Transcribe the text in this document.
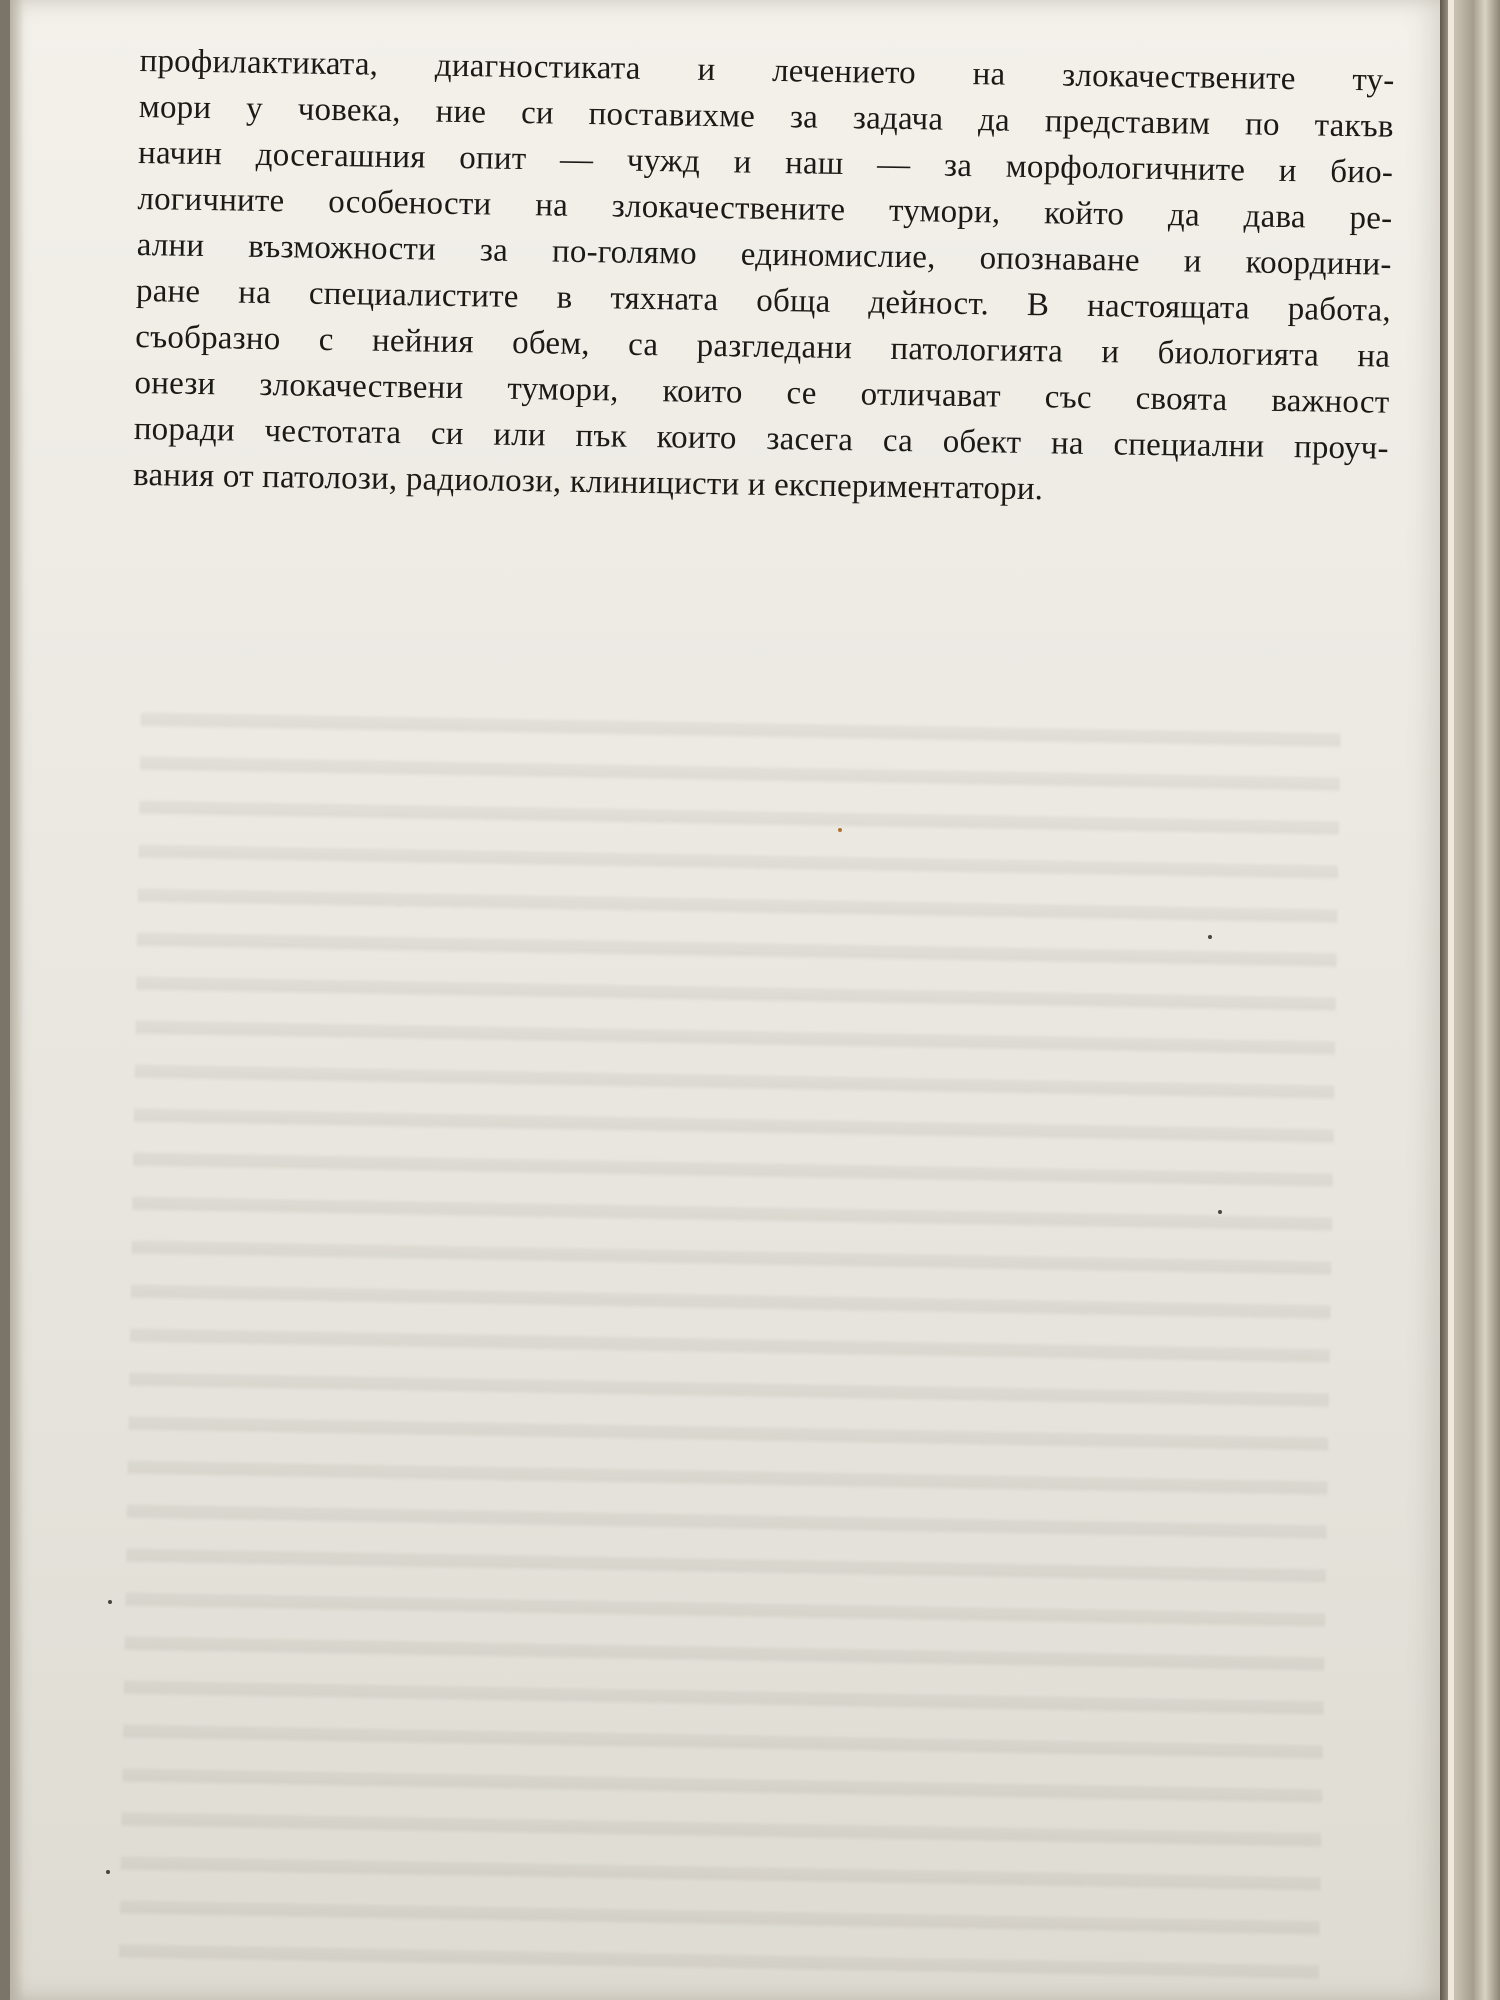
профилактиката, диагностиката и лечението на злокачествените ту-
мори у човека, ние си поставихме за задача да представим по такъв
начин досегашния опит — чужд и наш — за морфологичните и био-
логичните особености на злокачествените тумори, който да дава ре-
ални възможности за по-голямо единомислие, опознаване и координи-
ране на специалистите в тяхната обща дейност. В настоящата работа,
съобразно с нейния обем, са разгледани патологията и биологията на
онези злокачествени тумори, които се отличават със своята важност
поради честотата си или пък които засега са обект на специални проуч-
вания от патолози, радиолози, клиницисти и експериментатори.
